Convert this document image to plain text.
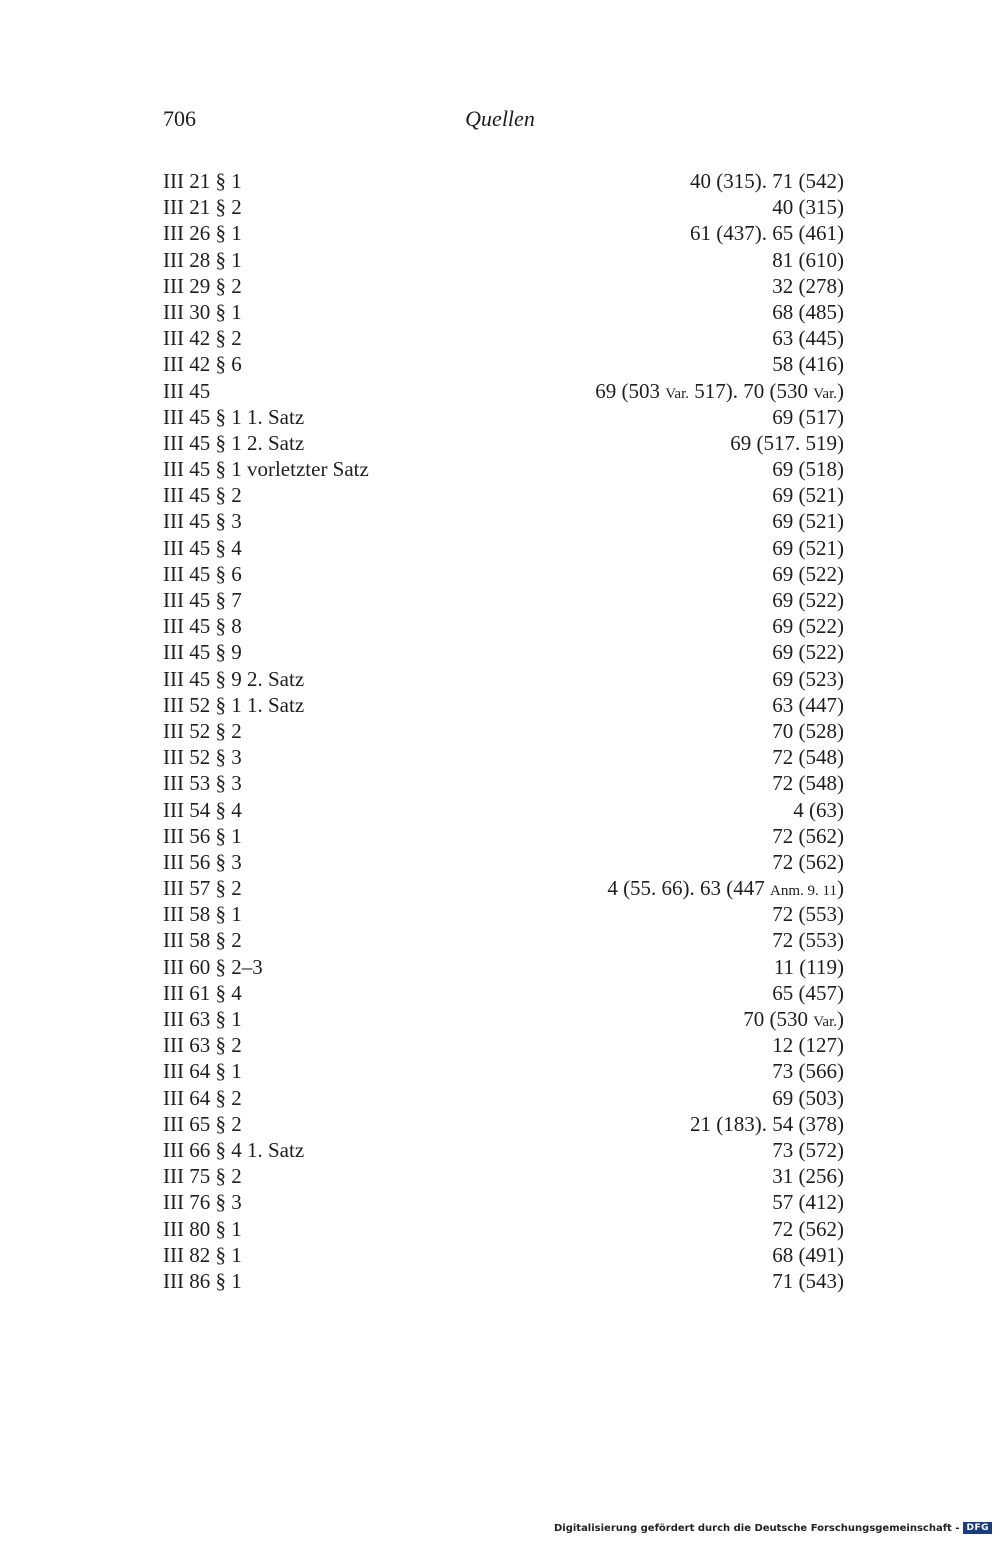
706	Quellen
III 21 § 1	40 (315). 71 (542)
III 21 § 2	40 (315)
III 26 § 1	61 (437). 65 (461)
III 28 § 1	81 (610)
III 29 § 2	32 (278)
III 30 § 1	68 (485)
III 42 § 2	63 (445)
III 42 § 6	58 (416)
III 45	69 (503 Var. 517). 70 (530 Var.)
III 45 § 1 1. Satz	69 (517)
III 45 § 1 2. Satz	69 (517. 519)
III 45 § 1 vorletzter Satz	69 (518)
III 45 § 2	69 (521)
III 45 § 3	69 (521)
III 45 § 4	69 (521)
III 45 § 6	69 (522)
III 45 § 7	69 (522)
III 45 § 8	69 (522)
III 45 § 9	69 (522)
III 45 § 9 2. Satz	69 (523)
III 52 § 1 1. Satz	63 (447)
III 52 § 2	70 (528)
III 52 § 3	72 (548)
III 53 § 3	72 (548)
III 54 § 4	4 (63)
III 56 § 1	72 (562)
III 56 § 3	72 (562)
III 57 § 2	4 (55. 66). 63 (447 Anm. 9. 11)
III 58 § 1	72 (553)
III 58 § 2	72 (553)
III 60 § 2–3	11 (119)
III 61 § 4	65 (457)
III 63 § 1	70 (530 Var.)
III 63 § 2	12 (127)
III 64 § 1	73 (566)
III 64 § 2	69 (503)
III 65 § 2	21 (183). 54 (378)
III 66 § 4 1. Satz	73 (572)
III 75 § 2	31 (256)
III 76 § 3	57 (412)
III 80 § 1	72 (562)
III 82 § 1	68 (491)
III 86 § 1	71 (543)
Digitalisierung gefördert durch die Deutsche Forschungsgemeinschaft - DFG
